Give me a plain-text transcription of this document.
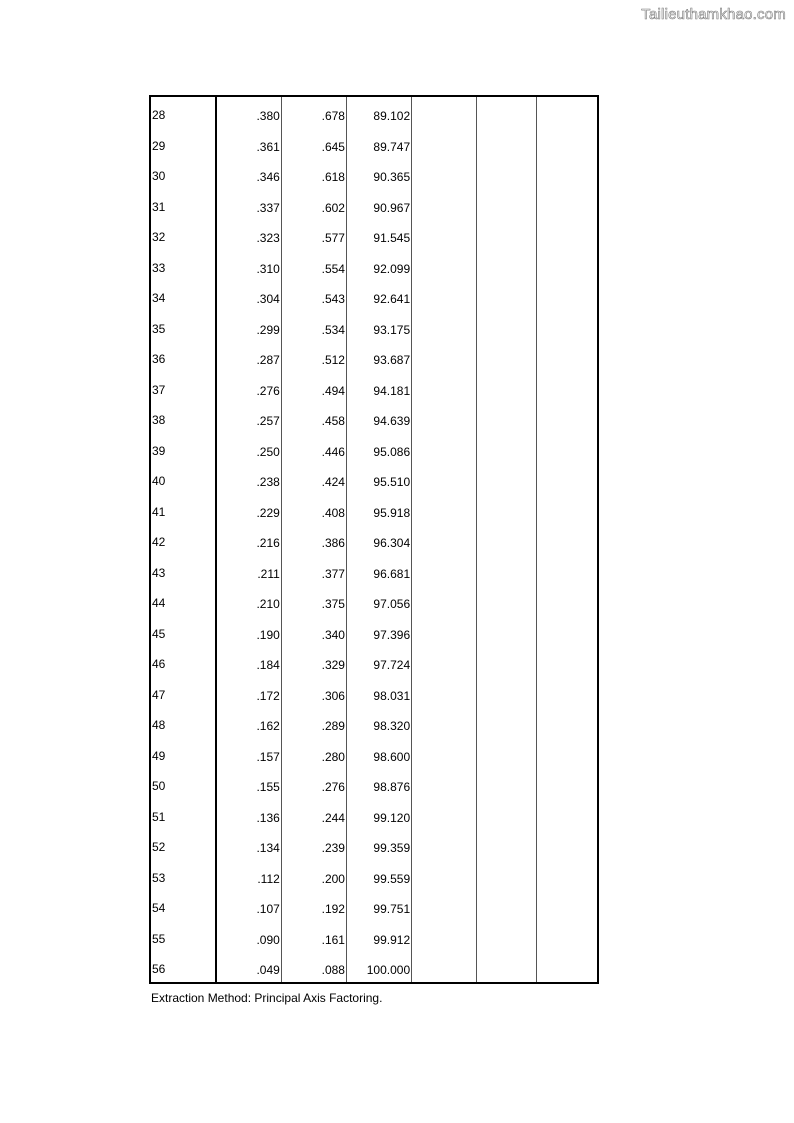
Tailieuthamkhao.com
28	.380	.678	89.102			
29	.361	.645	89.747			
30	.346	.618	90.365			
31	.337	.602	90.967			
32	.323	.577	91.545			
33	.310	.554	92.099			
34	.304	.543	92.641			
35	.299	.534	93.175			
36	.287	.512	93.687			
37	.276	.494	94.181			
38	.257	.458	94.639			
39	.250	.446	95.086			
40	.238	.424	95.510			
41	.229	.408	95.918			
42	.216	.386	96.304			
43	.211	.377	96.681			
44	.210	.375	97.056			
45	.190	.340	97.396			
46	.184	.329	97.724			
47	.172	.306	98.031			
48	.162	.289	98.320			
49	.157	.280	98.600			
50	.155	.276	98.876			
51	.136	.244	99.120			
52	.134	.239	99.359			
53	.112	.200	99.559			
54	.107	.192	99.751			
55	.090	.161	99.912			
56	.049	.088	100.000			
Extraction Method: Principal Axis Factoring.
